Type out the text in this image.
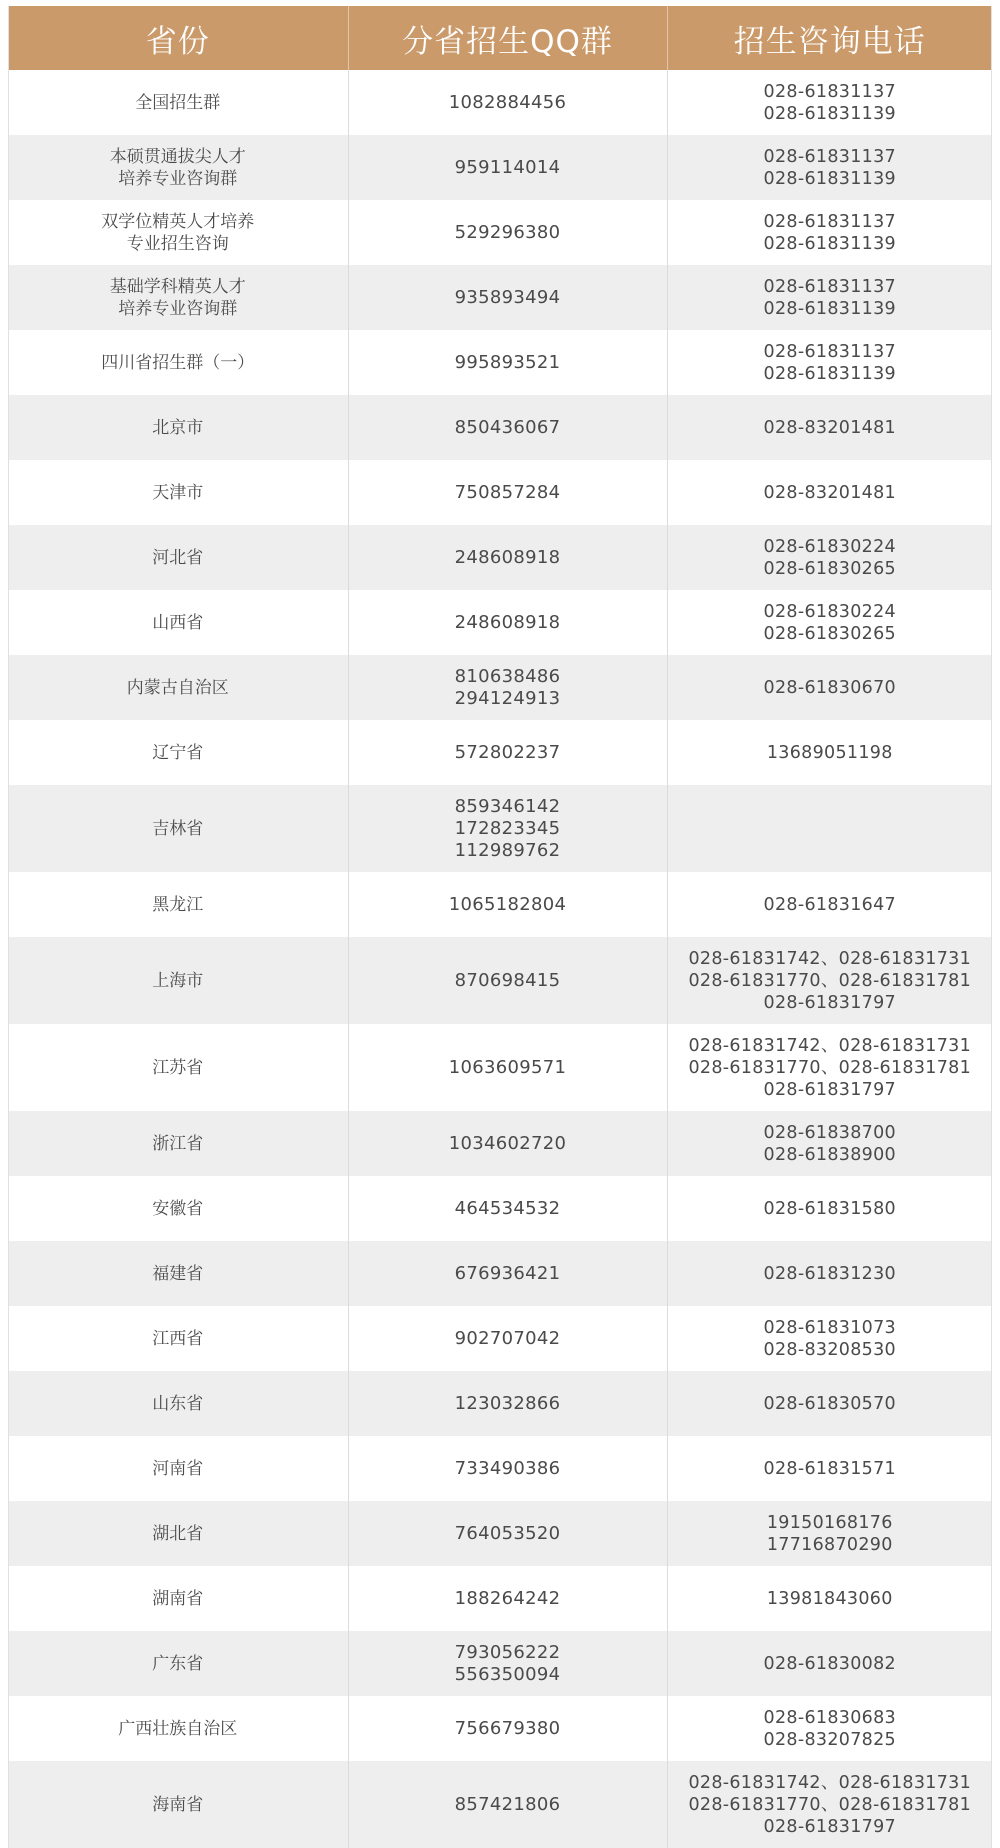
省份	分省招生QQ群	招生咨询电话

全国招生群	1082884456	028-61831137
028-61831139

本硕贯通拔尖人才
培养专业咨询群	959114014	028-61831137
028-61831139

双学位精英人才培养
专业招生咨询	529296380	028-61831137
028-61831139

基础学科精英人才
培养专业咨询群	935893494	028-61831137
028-61831139

四川省招生群（一）	995893521	028-61831137
028-61831139

北京市	850436067	028-83201481

天津市	750857284	028-83201481

河北省	248608918	028-61830224
028-61830265

山西省	248608918	028-61830224
028-61830265

内蒙古自治区	810638486
294124913	028-61830670

辽宁省	572802237	13689051198

吉林省	859346142
172823345
112989762	

黑龙江	1065182804	028-61831647

上海市	870698415	028-61831742、028-61831731
028-61831770、028-61831781
028-61831797

江苏省	1063609571	028-61831742、028-61831731
028-61831770、028-61831781
028-61831797

浙江省	1034602720	028-61838700
028-61838900

安徽省	464534532	028-61831580

福建省	676936421	028-61831230

江西省	902707042	028-61831073
028-83208530

山东省	123032866	028-61830570

河南省	733490386	028-61831571

湖北省	764053520	19150168176
17716870290

湖南省	188264242	13981843060

广东省	793056222
556350094	028-61830082

广西壮族自治区	756679380	028-61830683
028-83207825

海南省	857421806	028-61831742、028-61831731
028-61831770、028-61831781
028-61831797
